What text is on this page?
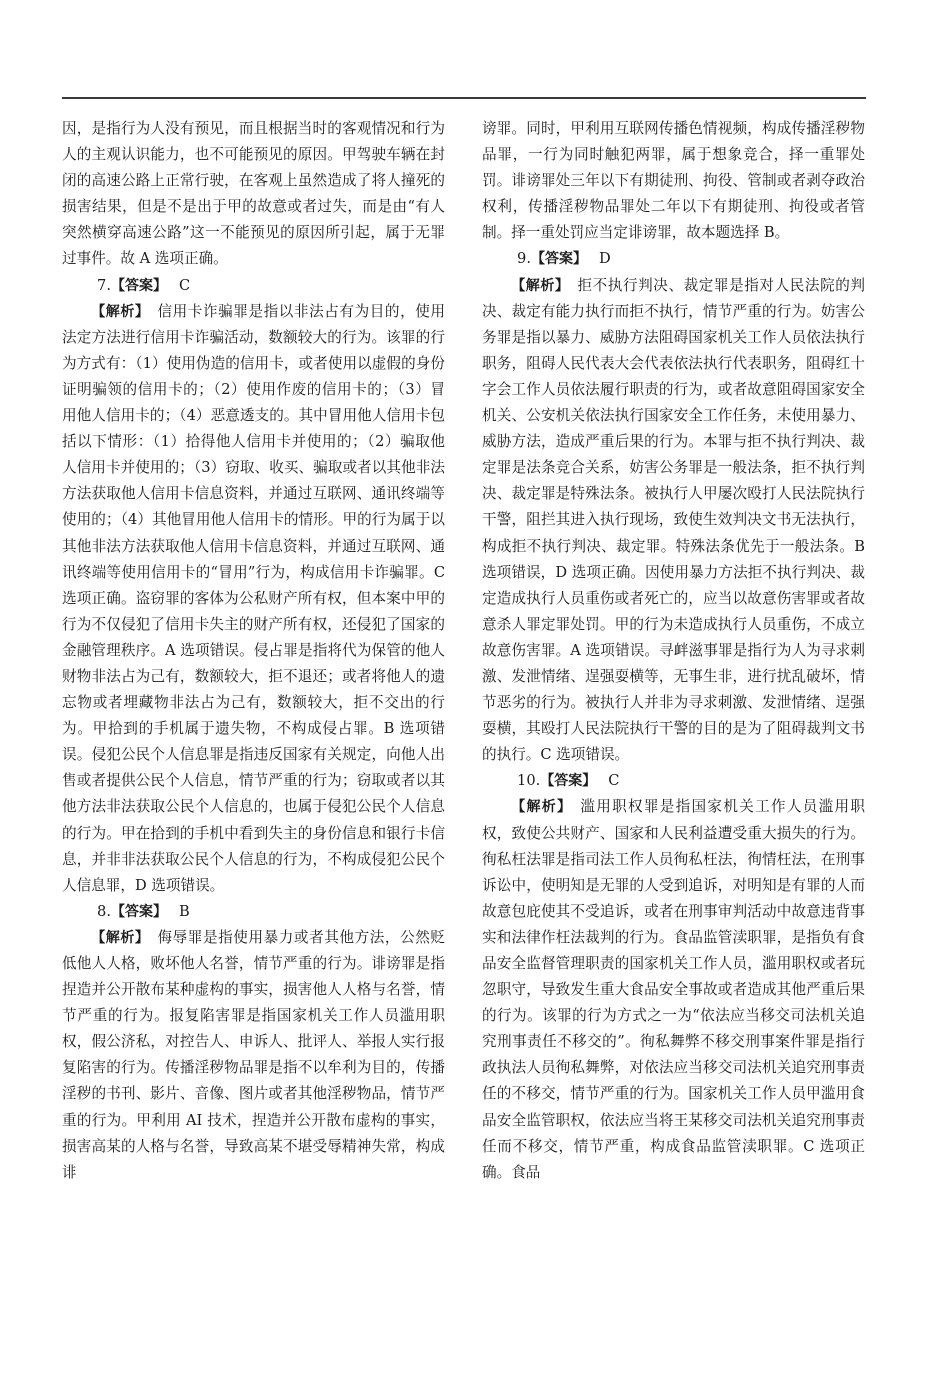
因，是指行为人没有预见，而且根据当时的客观情况和行为人的主观认识能力，也不可能预见的原因。甲驾驶车辆在封闭的高速公路上正常行驶，在客观上虽然造成了将人撞死的损害结果，但是不是出于甲的故意或者过失，而是由“有人突然横穿高速公路”这一不能预见的原因所引起，属于无罪过事件。故 A 选项正确。

7.【答案】 C

【解析】 信用卡诈骗罪是指以非法占有为目的，使用法定方法进行信用卡诈骗活动，数额较大的行为。该罪的行为方式有：（1）使用伪造的信用卡，或者使用以虚假的身份证明骗领的信用卡的；（2）使用作废的信用卡的；（3）冒用他人信用卡的；（4）恶意透支的。其中冒用他人信用卡包括以下情形：（1）拾得他人信用卡并使用的；（2）骗取他人信用卡并使用的；（3）窃取、收买、骗取或者以其他非法方法获取他人信用卡信息资料，并通过互联网、通讯终端等使用的；（4）其他冒用他人信用卡的情形。甲的行为属于以其他非法方法获取他人信用卡信息资料，并通过互联网、通讯终端等使用信用卡的“冒用”行为，构成信用卡诈骗罪。C 选项正确。盗窃罪的客体为公私财产所有权，但本案中甲的行为不仅侵犯了信用卡失主的财产所有权，还侵犯了国家的金融管理秩序。A 选项错误。侵占罪是指将代为保管的他人财物非法占为己有，数额较大，拒不退还；或者将他人的遗忘物或者埋藏物非法占为己有，数额较大，拒不交出的行为。甲拾到的手机属于遗失物，不构成侵占罪。B 选项错误。侵犯公民个人信息罪是指违反国家有关规定，向他人出售或者提供公民个人信息，情节严重的行为；窃取或者以其他方法非法获取公民个人信息的，也属于侵犯公民个人信息的行为。甲在拾到的手机中看到失主的身份信息和银行卡信息，并非非法获取公民个人信息的行为，不构成侵犯公民个人信息罪，D 选项错误。

8.【答案】 B

【解析】 侮辱罪是指使用暴力或者其他方法，公然贬低他人人格，败坏他人名誉，情节严重的行为。诽谤罪是指捏造并公开散布某种虚构的事实，损害他人人格与名誉，情节严重的行为。报复陷害罪是指国家机关工作人员滥用职权，假公济私，对控告人、申诉人、批评人、举报人实行报复陷害的行为。传播淫秽物品罪是指不以牟利为目的，传播淫秽的书刊、影片、音像、图片或者其他淫秽物品，情节严重的行为。甲利用 AI 技术，捏造并公开散布虚构的事实，损害高某的人格与名誉，导致高某不堪受辱精神失常，构成诽

谤罪。同时，甲利用互联网传播色情视频，构成传播淫秽物品罪，一行为同时触犯两罪，属于想象竞合，择一重罪处罚。诽谤罪处三年以下有期徒刑、拘役、管制或者剥夺政治权利，传播淫秽物品罪处二年以下有期徒刑、拘役或者管制。择一重处罚应当定诽谤罪，故本题选择 B。

9.【答案】 D

【解析】 拒不执行判决、裁定罪是指对人民法院的判决、裁定有能力执行而拒不执行，情节严重的行为。妨害公务罪是指以暴力、威胁方法阻碍国家机关工作人员依法执行职务，阻碍人民代表大会代表依法执行代表职务，阻碍红十字会工作人员依法履行职责的行为，或者故意阻碍国家安全机关、公安机关依法执行国家安全工作任务，未使用暴力、威胁方法，造成严重后果的行为。本罪与拒不执行判决、裁定罪是法条竞合关系，妨害公务罪是一般法条，拒不执行判决、裁定罪是特殊法条。被执行人甲屡次殴打人民法院执行干警，阻拦其进入执行现场，致使生效判决文书无法执行，构成拒不执行判决、裁定罪。特殊法条优先于一般法条。B 选项错误，D 选项正确。因使用暴力方法拒不执行判决、裁定造成执行人员重伤或者死亡的，应当以故意伤害罪或者故意杀人罪定罪处罚。甲的行为未造成执行人员重伤，不成立故意伤害罪。A 选项错误。寻衅滋事罪是指行为人为寻求刺激、发泄情绪、逞强耍横等，无事生非，进行扰乱破坏，情节恶劣的行为。被执行人并非为寻求刺激、发泄情绪、逞强耍横，其殴打人民法院执行干警的目的是为了阻碍裁判文书的执行。C 选项错误。

10.【答案】 C

【解析】 滥用职权罪是指国家机关工作人员滥用职权，致使公共财产、国家和人民利益遭受重大损失的行为。徇私枉法罪是指司法工作人员徇私枉法，徇情枉法，在刑事诉讼中，使明知是无罪的人受到追诉，对明知是有罪的人而故意包庇使其不受追诉，或者在刑事审判活动中故意违背事实和法律作枉法裁判的行为。食品监管渎职罪，是指负有食品安全监督管理职责的国家机关工作人员，滥用职权或者玩忽职守，导致发生重大食品安全事故或者造成其他严重后果的行为。该罪的行为方式之一为“依法应当移交司法机关追究刑事责任不移交的”。徇私舞弊不移交刑事案件罪是指行政执法人员徇私舞弊，对依法应当移交司法机关追究刑事责任的不移交，情节严重的行为。国家机关工作人员甲滥用食品安全监管职权，依法应当将王某移交司法机关追究刑事责任而不移交，情节严重，构成食品监管渎职罪。C 选项正确。食品
